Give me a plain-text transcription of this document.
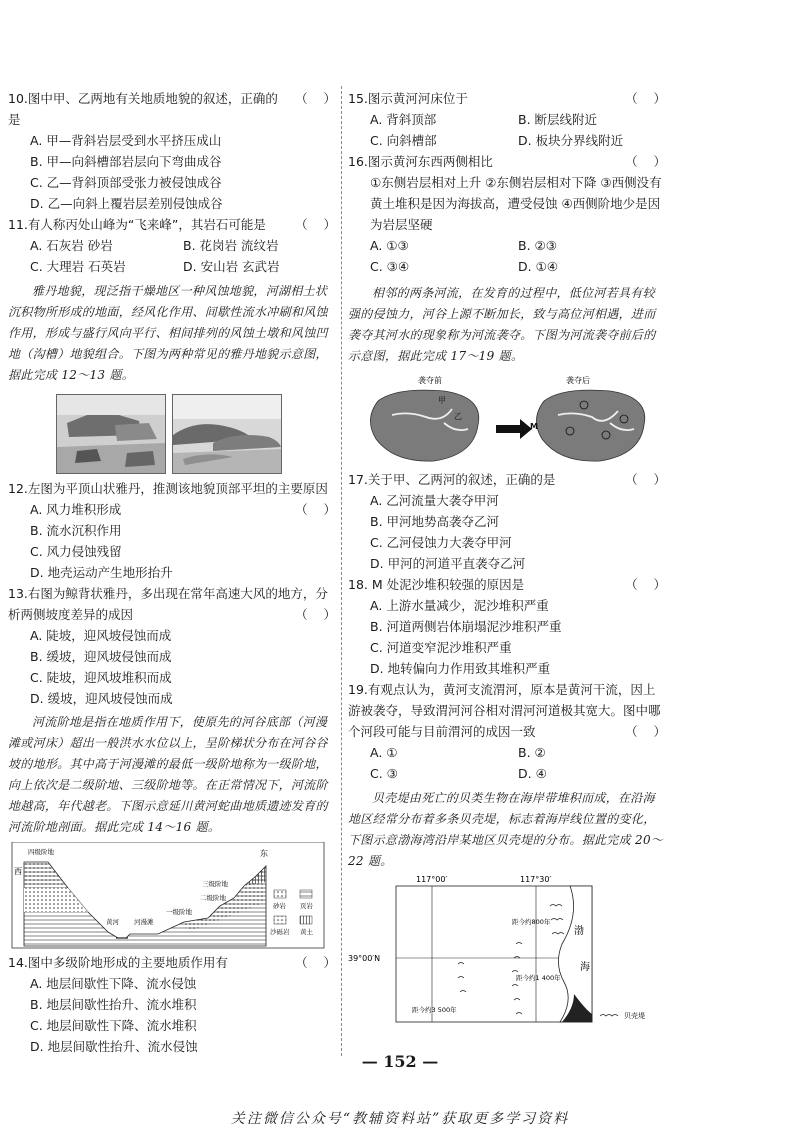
10.图中甲、乙两地有关地质地貌的叙述，正确的是
（    ）
A. 甲—背斜岩层受到水平挤压成山
B. 甲—向斜槽部岩层向下弯曲成谷
C. 乙—背斜顶部受张力被侵蚀成谷
D. 乙—向斜上覆岩层差别侵蚀成谷
11.有人称丙处山峰为“飞来峰”，其岩石可能是 （    ）
A. 石灰岩 砂岩	B. 花岗岩 流纹岩
C. 大理岩 石英岩	D. 安山岩 玄武岩
雅丹地貌，现泛指干燥地区一种风蚀地貌，河湖相土状沉积物所形成的地面，经风化作用、间歇性流水冲刷和风蚀作用，形成与盛行风向平行、相间排列的风蚀土墩和风蚀凹地（沟槽）地貌组合。下图为两种常见的雅丹地貌示意图，据此完成 12～13 题。
12.左图为平顶山状雅丹，推测该地貌顶部平坦的主要原因
（    ）
A. 风力堆积形成
B. 流水沉积作用
C. 风力侵蚀残留
D. 地壳运动产生地形抬升
13.右图为鲸背状雅丹，多出现在常年高速大风的地方，分析两侧坡度差异的成因	（    ）
A. 陡坡，迎风坡侵蚀而成
B. 缓坡，迎风坡侵蚀而成
C. 陡坡，迎风坡堆积而成
D. 缓坡，迎风坡侵蚀而成
河流阶地是指在地质作用下，使原先的河谷底部（河漫滩或河床）超出一般洪水水位以上，呈阶梯状分布在河谷谷坡的地形。其中高于河漫滩的最低一级阶地称为一级阶地，向上依次是二级阶地、三级阶地等。在正常情况下，河流阶地越高，年代越老。下图示意延川黄河蛇曲地质遗迹发育的河流阶地剖面。据此完成 14～16 题。
西
东
四级阶地
三级阶地
二级阶地
一级阶地
河漫滩
黄河
砂岩 页岩
沙砾岩 黄土
14.图中多级阶地形成的主要地质作用有	（    ）
A. 地层间歇性下降、流水侵蚀
B. 地层间歇性抬升、流水堆积
C. 地层间歇性下降、流水堆积
D. 地层间歇性抬升、流水侵蚀
15.图示黄河河床位于	（    ）
A. 背斜顶部	B. 断层线附近
C. 向斜槽部	D. 板块分界线附近
16.图示黄河东西两侧相比	（    ）
①东侧岩层相对上升 ②东侧岩层相对下降 ③西侧没有黄土堆积是因为海拔高，遭受侵蚀 ④西侧阶地少是因为岩层坚硬
A. ①③	B. ②③
C. ③④	D. ①④
相邻的两条河流，在发育的过程中，低位河若具有较强的侵蚀力，河谷上源不断加长，致与高位河相遇，进而袭夺其河水的现象称为河流袭夺。下图为河流袭夺前后的示意图，据此完成 17～19 题。
袭夺前	袭夺后
甲
乙
M
17.关于甲、乙两河的叙述，正确的是	（    ）
A. 乙河流量大袭夺甲河
B. 甲河地势高袭夺乙河
C. 乙河侵蚀力大袭夺甲河
D. 甲河的河道平直袭夺乙河
18. M 处泥沙堆积较强的原因是	（    ）
A. 上游水量减少，泥沙堆积严重
B. 河道两侧岩体崩塌泥沙堆积严重
C. 河道变窄泥沙堆积严重
D. 地转偏向力作用致其堆积严重
19.有观点认为，黄河支流渭河，原本是黄河干流，因上游被袭夺，导致渭河河谷相对渭河河道极其宽大。图中哪个河段可能与目前渭河的成因一致	（    ）
A. ①	B. ②
C. ③	D. ④
贝壳堤由死亡的贝类生物在海岸带堆积而成，在沿海地区经常分布着多条贝壳堤，标志着海岸线位置的变化，下图示意渤海湾沿岸某地区贝壳堤的分布。据此完成 20～22 题。
117°00′	117°30′
39°00′N
距今约800年
距今约1 400年
距今约3 500年
渤
海
贝壳堤
— 152 —
关注微信公众号“教辅资料站”获取更多学习资料
